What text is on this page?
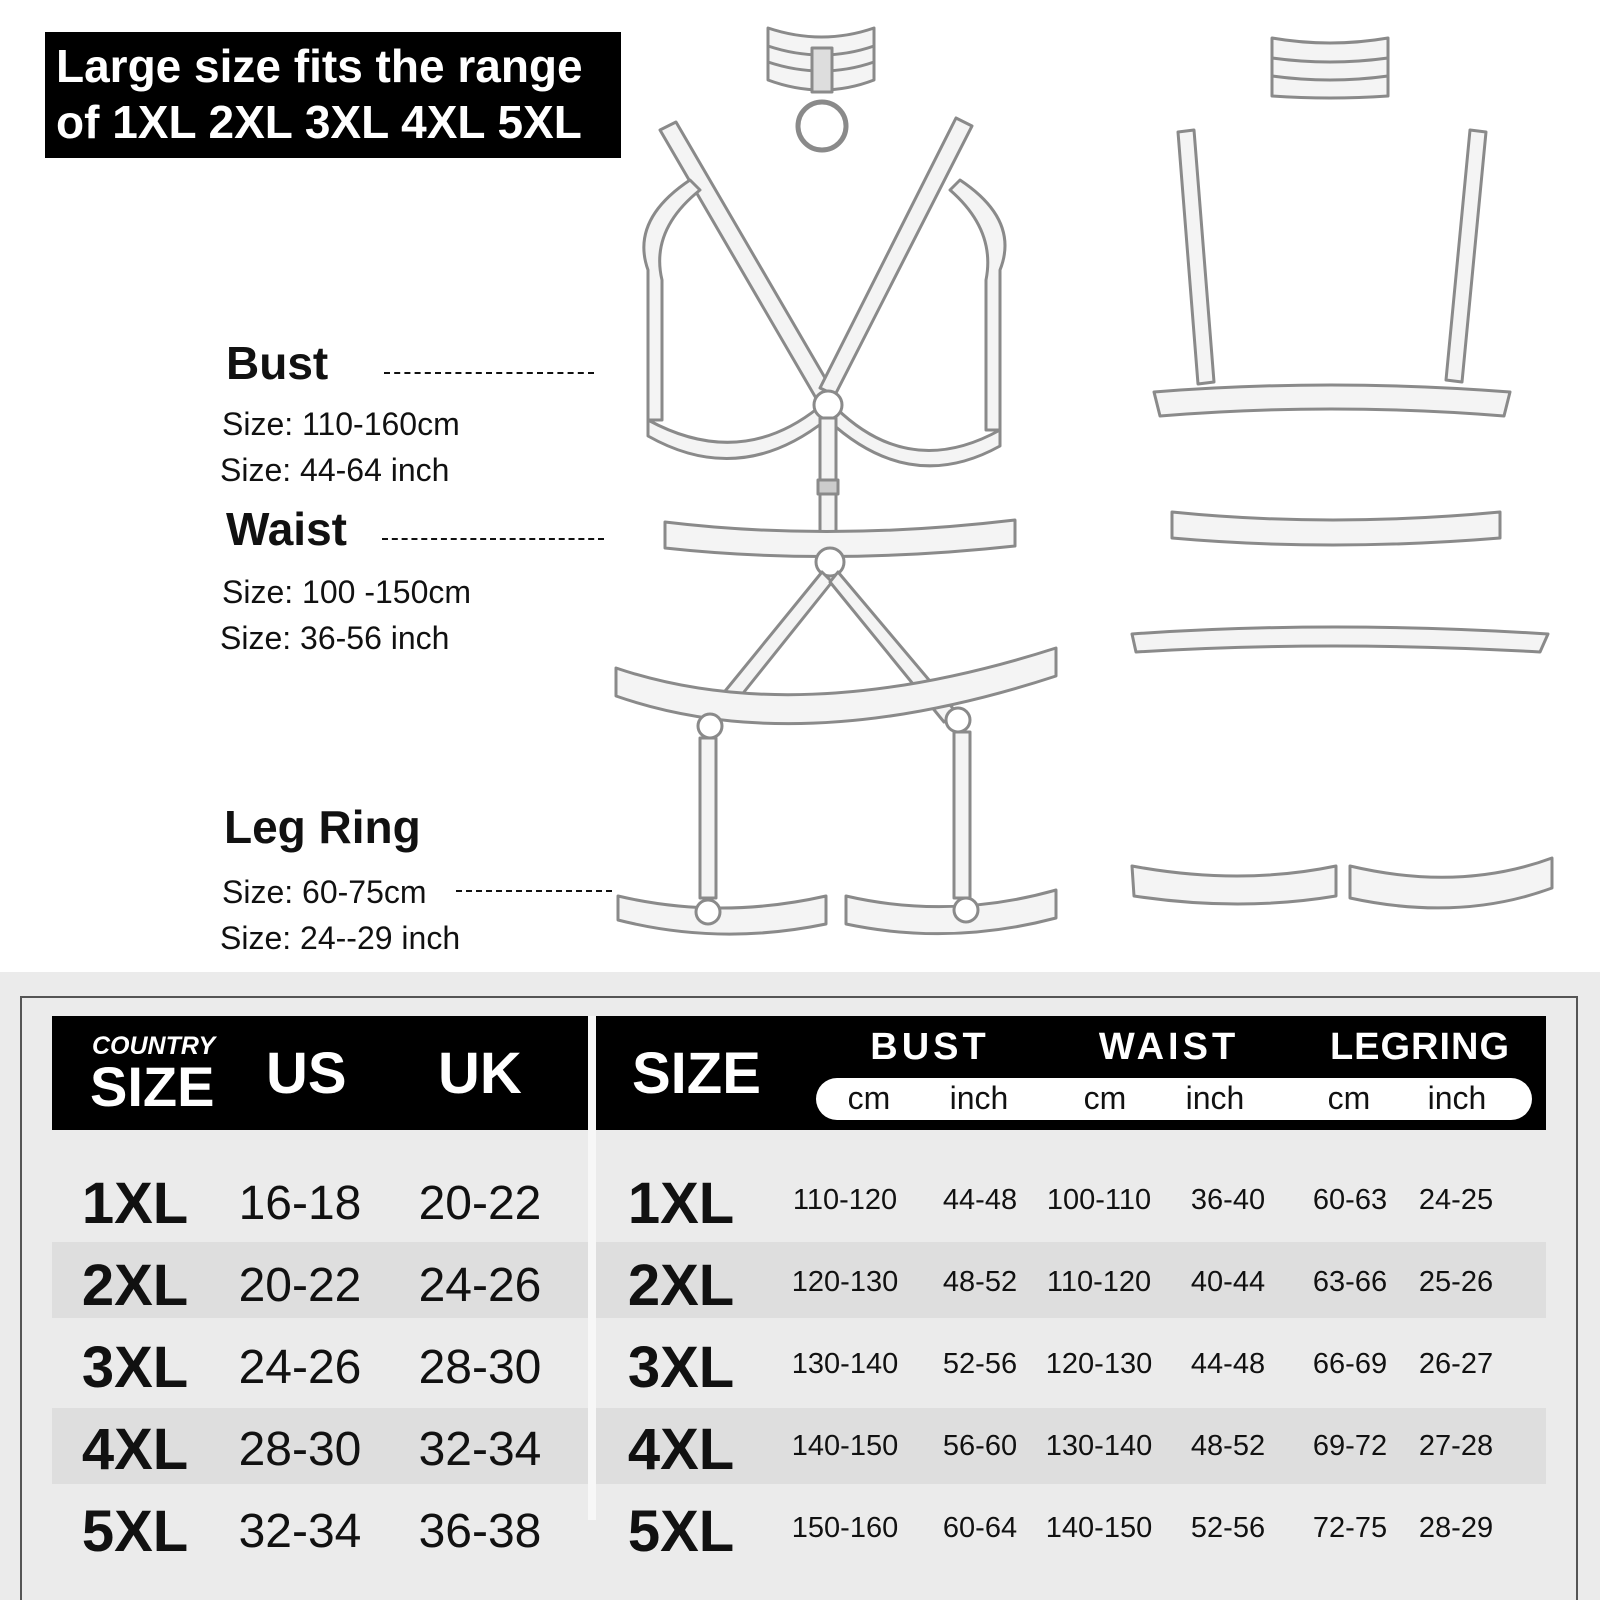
Large size fits the range
of 1XL 2XL 3XL 4XL 5XL
Bust
Size: 110-160cm
Size: 44-64 inch
Waist
Size: 100 -150cm
Size: 36-56 inch
Leg Ring
Size: 60-75cm
Size: 24--29 inch
COUNTRY
SIZE US UK SIZE	BUST	WAIST	LEGRING
cm	inch	cm	inch	cm	inch
1XL	16-18	20-22
2XL	20-22	24-26
3XL	24-26	28-30
4XL	28-30	32-34
5XL	32-34	36-38
1XL	110-120	44-48	100-110	36-40	60-63	24-25
2XL	120-130	48-52	110-120	40-44	63-66	25-26
3XL	130-140	52-56 120-130	44-48	66-69	26-27
4XL	140-150	56-60 130-140	48-52	69-72	27-28
5XL	150-160	60-64 140-150	52-56	72-75	28-29
